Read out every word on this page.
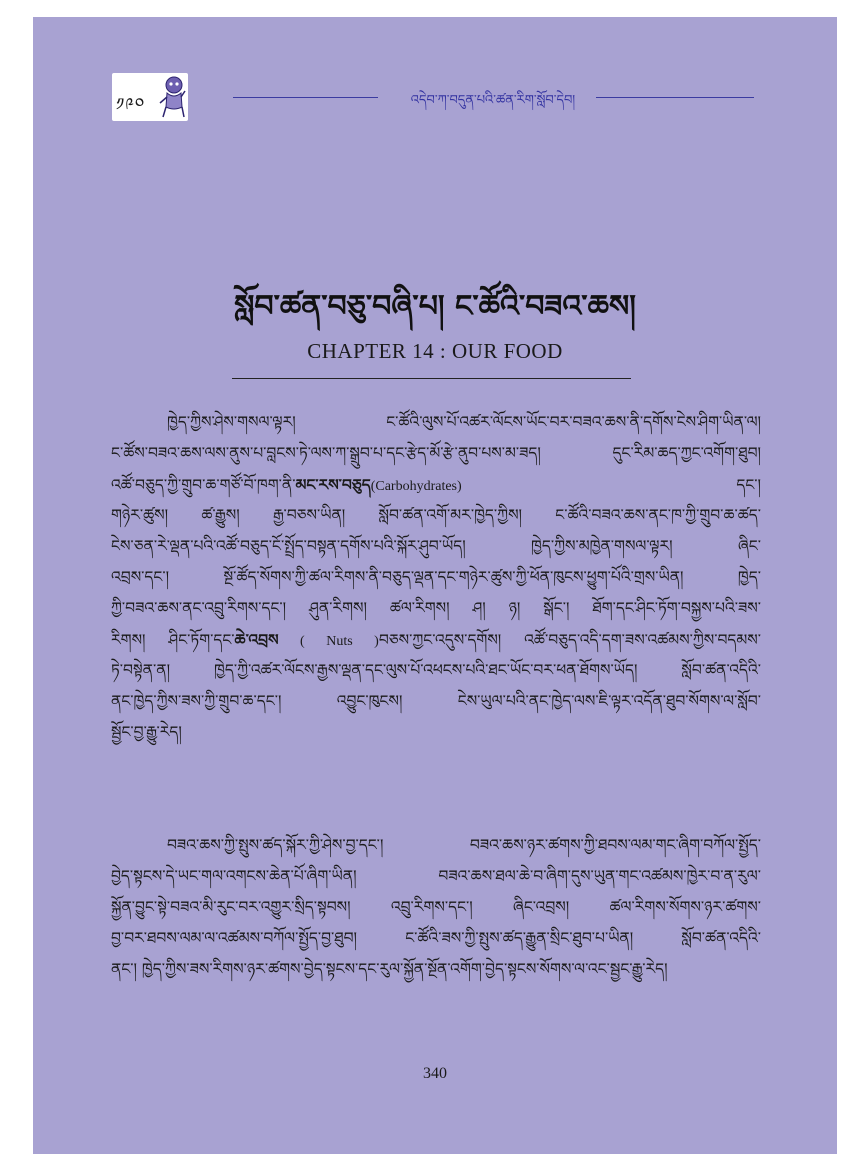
༡༩༠	འདེབ་ཀ་བདུན་པའི་ཚན་རིག་སློབ་དེབ།
སློབ་ཚན་བཅུ་བཞི་པ། ང་ཚོའི་བཟའ་ཆས།
CHAPTER 14 : OUR FOOD
ཁྱེད་ཀྱིས་ཤེས་གསལ་ལྟར། ང་ཚོའི་ལུས་པོ་འཚར་ལོངས་ཡོང་བར་བཟའ་ཆས་ནི་དགོས་ངེས་ཤིག་ཡིན་ལ།
ང་ཚོས་བཟའ་ཆས་ལས་ནུས་པ་བླངས་ཏེ་ལས་ཀ་སྒྲུབ་པ་དང་རྩེད་མོ་རྩེ་ནུབ་པས་མ་ཟད། དུང་རིམ་ཆད་ཀྱང་འགོག་ཐུབ།
འཚོ་བཅུད་ཀྱི་གྲུབ་ཆ་གཙོ་བོ་ཁག་ནི་མང་རས་བཅུད(Carbohydrates) དང་།
གཉེར་ཚུས། ཚ་རྒྱུས། རྒྱ་བཅས་ཡིན། སློབ་ཚན་འགོ་མར་ཁྱེད་ཀྱིས། ང་ཚོའི་བཟའ་ཆས་ནང་ཁ་ཀྱི་གྲུབ་ཆ་ཚད་
ངེས་ཅན་རེ་ལྡན་པའི་འཚོ་བཅུད་ངོ་སྤྲོད་བསྟན་དགོས་པའི་སྐོར་ཤུབ་ཡོད། ཁྱེད་ཀྱིས་མཁྱེན་གསལ་ལྟར། ཞིང་
འབྲས་དང་། སྔོ་ཚོད་སོགས་ཀྱི་ཚལ་རིགས་ནི་བཅུད་ལྡན་དང་གཉེར་ཚུས་ཀྱི་ཕོན་ཁུངས་ཕྱུག་པོའི་གྲས་ཡིན། ཁྱེད་
ཀྱི་བཟའ་ཆས་ནང་འབྲུ་རིགས་དང་། ཤུན་རིགས། ཚལ་རིགས། ཤ། ཉ། སྒོང་། ཐོག་དང་ཤིང་ཏོག་བསྐྱས་པའི་ཟས་
རིགས། ཤིང་ཏོག་དང་ཆེ་འབྲས ( Nuts )བཅས་ཀྱང་འདུས་དགོས། འཚོ་བཅུད་འདི་དག་ཟས་འཚམས་ཀྱིས་བདམས་
ཏེ་བསྟེན་ན། ཁྱེད་ཀྱི་འཚར་ལོངས་རྒྱས་ལྡན་དང་ལུས་པོ་འཕངས་པའི་ཐང་ཡོང་བར་ཕན་ཐོགས་ཡོད། སློབ་ཚན་འདིའི་
ནང་ཁྱེད་ཀྱིས་ཟས་ཀྱི་གྲུབ་ཆ་དང་། འབྱུང་ཁུངས། ངེས་ཡུལ་པའི་ནང་ཁྱེད་ལས་ཇི་ལྟར་འདོན་ཐུབ་སོགས་ལ་སློབ་
སྦྱོང་བྱ་རྒྱུ་རེད།
བཟའ་ཆས་ཀྱི་སྤུས་ཚད་སྐོར་ཀྱི་ཤེས་བྱ་དང་། བཟའ་ཆས་ཉར་ཚགས་ཀྱི་ཐབས་ལམ་གང་ཞིག་བཀོལ་སྤྱོད་
བྱེད་སྟངས་དེ་ཡང་གལ་འགངས་ཆེན་པོ་ཞིག་ཡིན། བཟའ་ཆས་ཐལ་ཆེ་བ་ཞིག་དུས་ཡུན་གང་འཚམས་ཁྱེར་བ་ན་རུལ་
སྐྱོན་བྱུང་སྟེ་བཟའ་མི་རུང་བར་འགྱུར་སྲིད་སྟབས། འབྲུ་རིགས་དང་། ཞིང་འབྲས། ཚལ་རིགས་སོགས་ཉར་ཚགས་
བྱ་བར་ཐབས་ལམ་ལ་འཚམས་བཀོལ་སྤྱོད་བྱ་ཐུབ། ང་ཚོའི་ཟས་ཀྱི་སྤུས་ཚད་རྒྱུན་སྲིང་ཐུབ་པ་ཡིན། སློབ་ཚན་འདིའི་
ནང་། ཁྱེད་ཀྱིས་ཟས་རིགས་ཉར་ཚགས་བྱེད་སྟངས་དང་རུལ་སྐྱོན་སྔོན་འགོག་བྱེད་སྟངས་སོགས་ལ་འང་སྦྱང་རྒྱུ་རེད།
340
